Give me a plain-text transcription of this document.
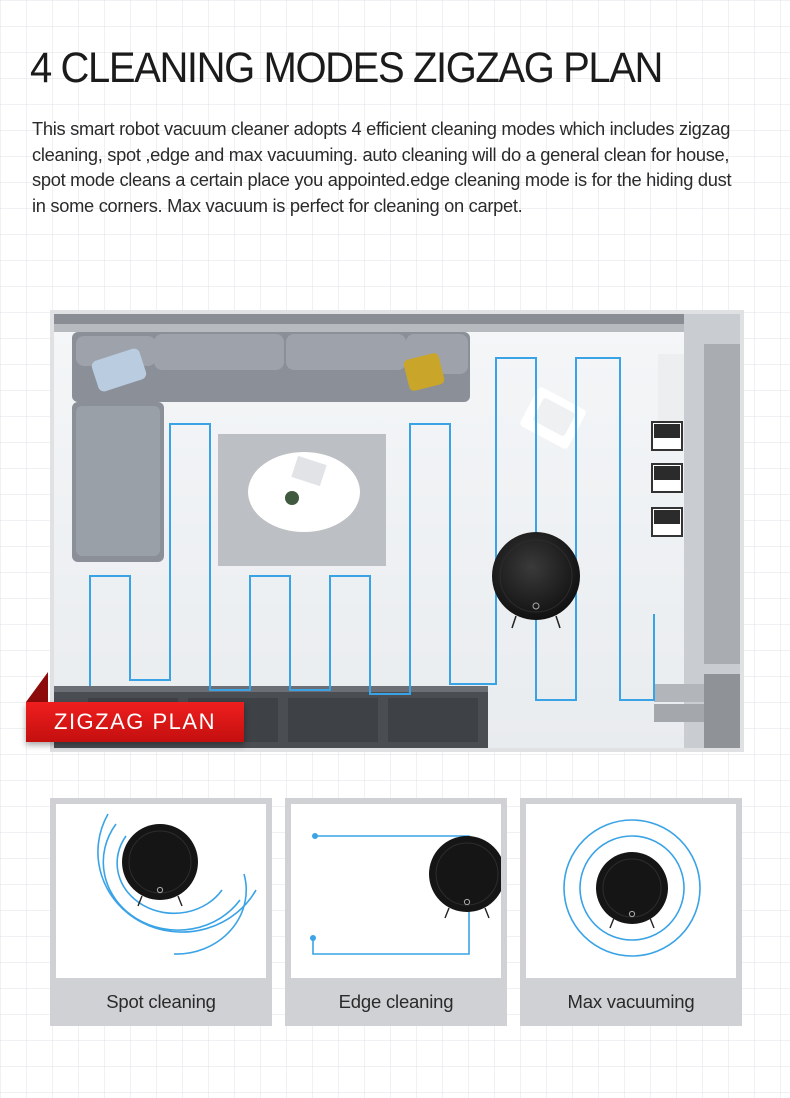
4 CLEANING MODES ZIGZAG PLAN

This smart robot vacuum cleaner adopts 4 efficient cleaning modes which includes zigzag cleaning, spot ,edge and max vacuuming. auto cleaning will do a general clean for house, spot mode cleans a certain place you appointed.edge cleaning mode is for the hiding dust in some corners. Max vacuum is perfect for cleaning on carpet.

ZIGZAG PLAN
Spot cleaning	Edge cleaning	Max vacuuming
